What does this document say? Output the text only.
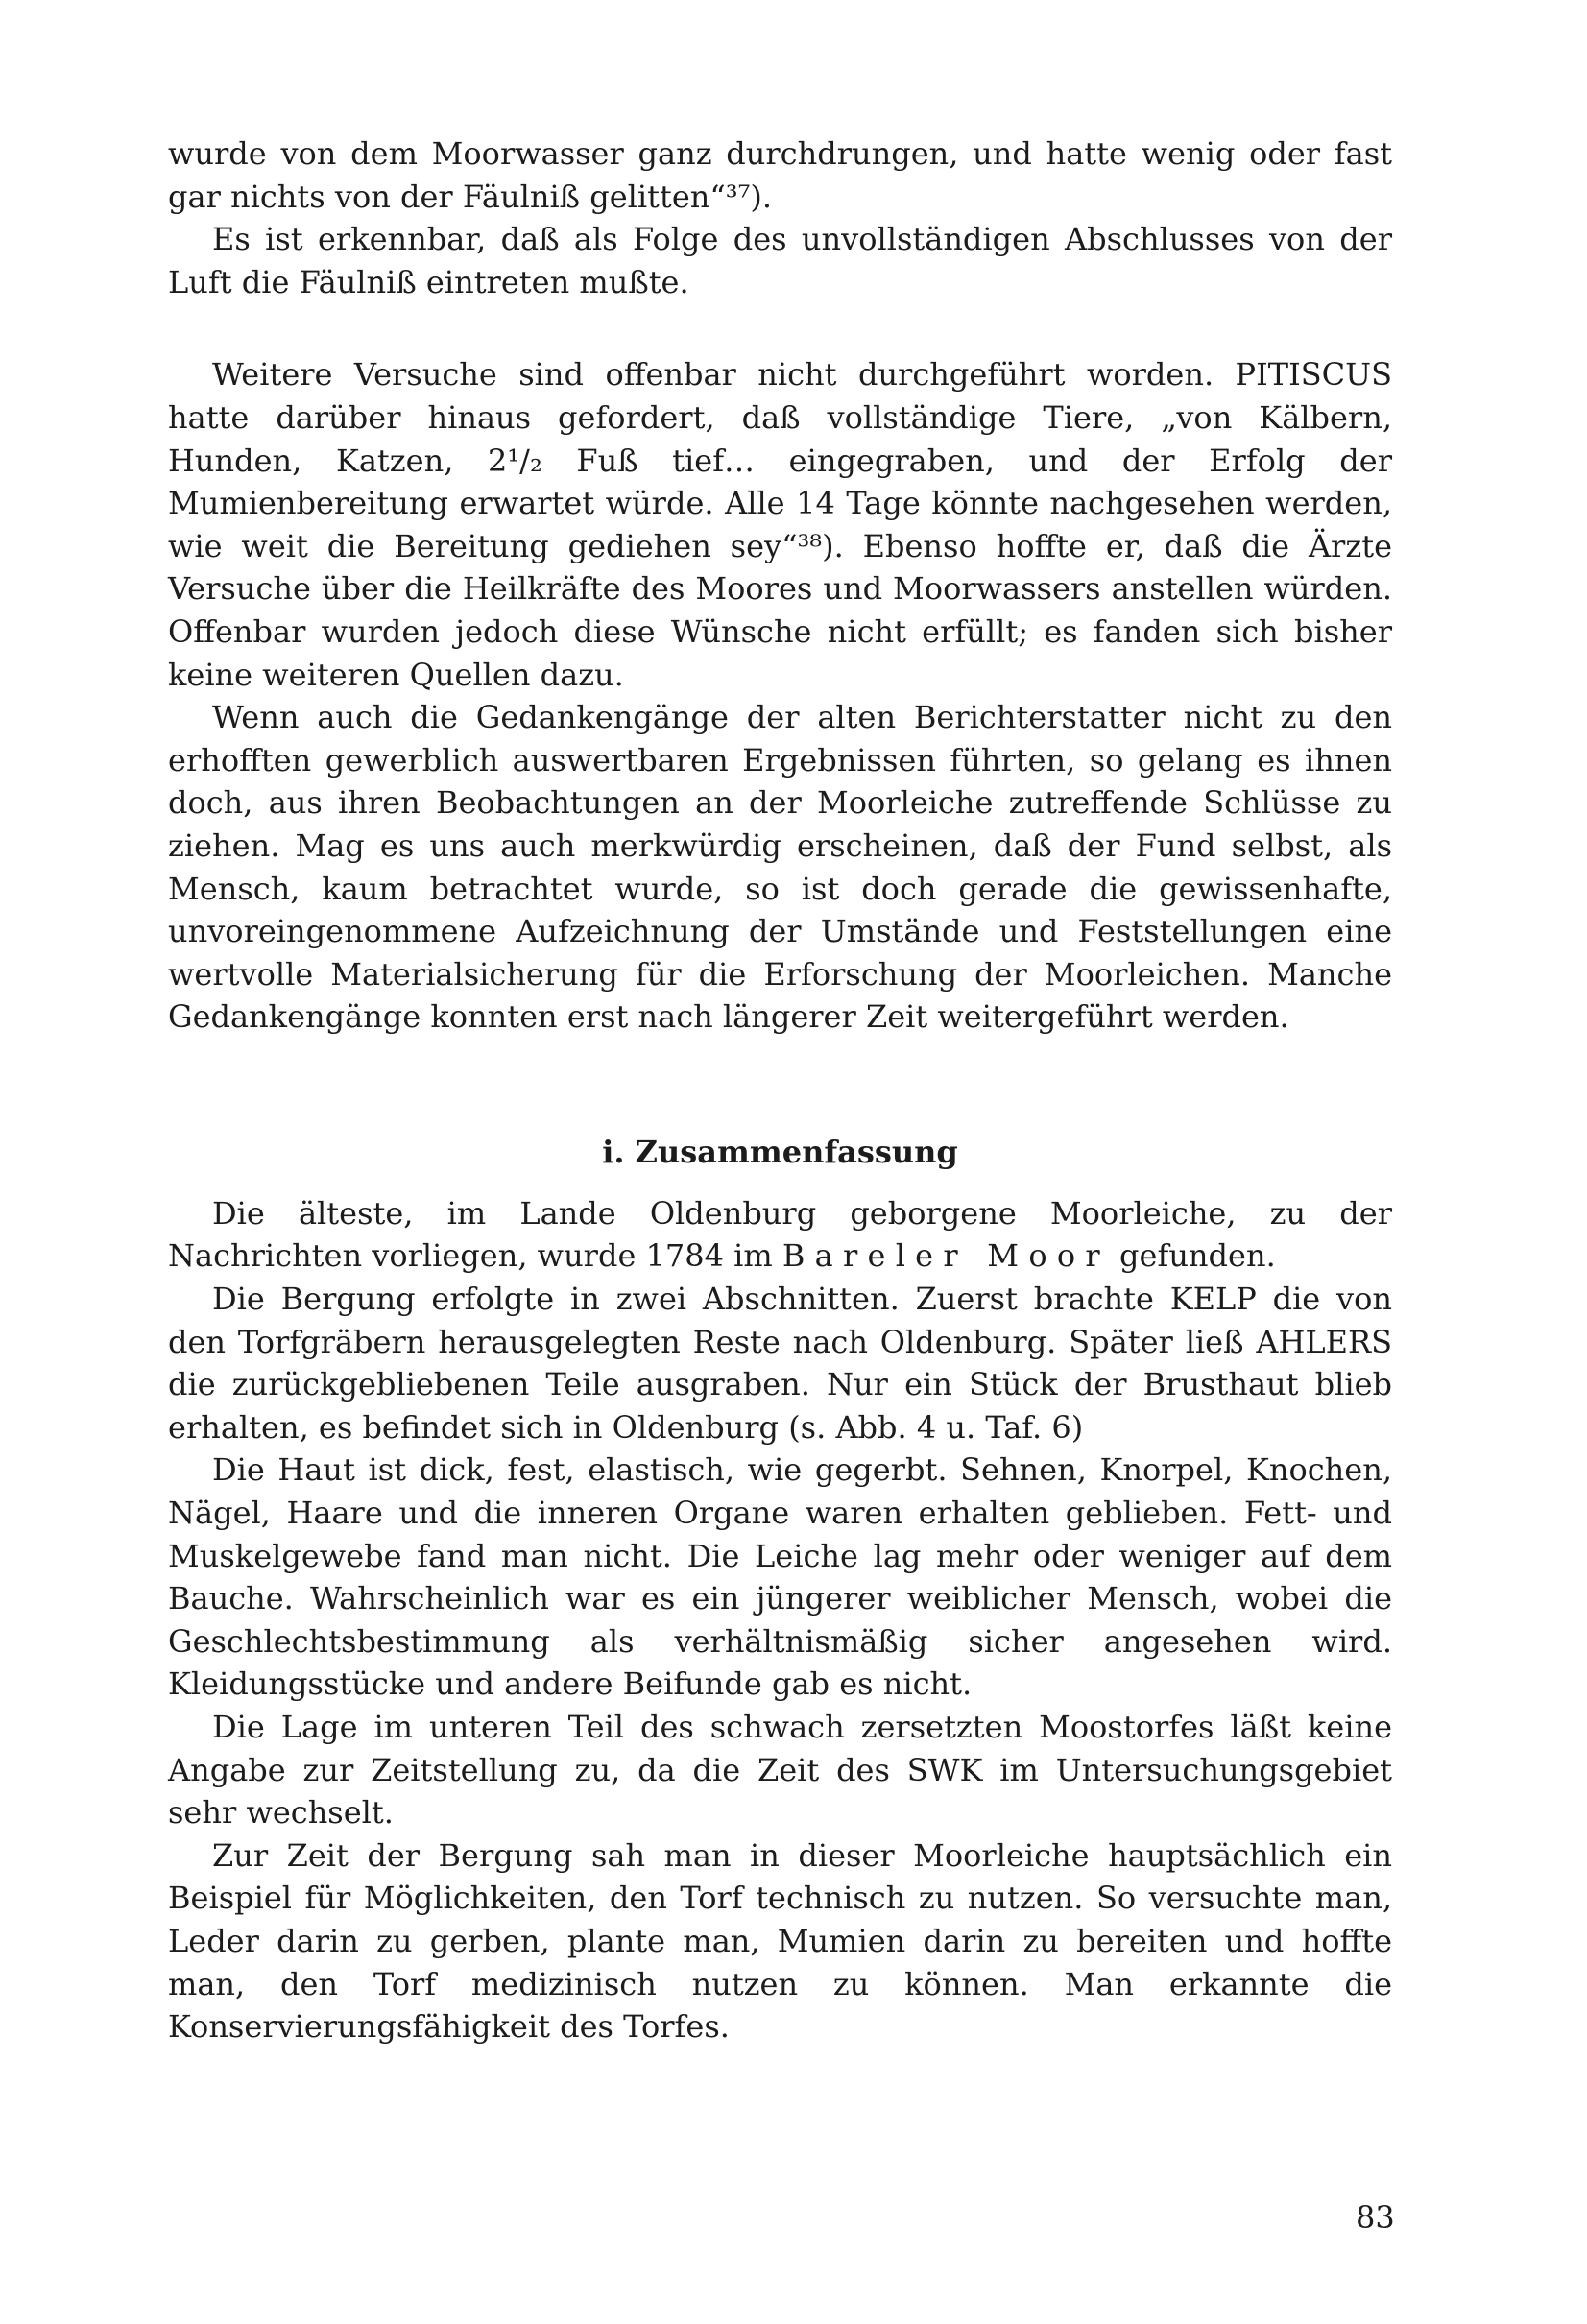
wurde von dem Moorwasser ganz durchdrungen, und hatte wenig oder fast gar nichts von der Fäulniß gelitten“³⁷).

Es ist erkennbar, daß als Folge des unvollständigen Abschlusses von der Luft die Fäulniß eintreten mußte.

Weitere Versuche sind offenbar nicht durchgeführt worden. PITISCUS hatte darüber hinaus gefordert, daß vollständige Tiere, „von Kälbern, Hunden, Katzen, 2¹/₂ Fuß tief… eingegraben, und der Erfolg der Mumienbereitung erwartet würde. Alle 14 Tage könnte nachgesehen werden, wie weit die Bereitung gediehen sey“³⁸). Ebenso hoffte er, daß die Ärzte Versuche über die Heilkräfte des Moores und Moorwassers anstellen würden. Offenbar wurden jedoch diese Wünsche nicht erfüllt; es fanden sich bisher keine weiteren Quellen dazu.

Wenn auch die Gedankengänge der alten Berichterstatter nicht zu den erhofften gewerblich auswertbaren Ergebnissen führten, so gelang es ihnen doch, aus ihren Beobachtungen an der Moorleiche zutreffende Schlüsse zu ziehen. Mag es uns auch merkwürdig erscheinen, daß der Fund selbst, als Mensch, kaum betrachtet wurde, so ist doch gerade die gewissenhafte, unvoreingenommene Aufzeichnung der Umstände und Feststellungen eine wertvolle Materialsicherung für die Erforschung der Moorleichen. Manche Gedankengänge konnten erst nach längerer Zeit weitergeführt werden.

i. Zusammenfassung

Die älteste, im Lande Oldenburg geborgene Moorleiche, zu der Nachrichten vorliegen, wurde 1784 im Bareler Moor gefunden.

Die Bergung erfolgte in zwei Abschnitten. Zuerst brachte KELP die von den Torfgräbern herausgelegten Reste nach Oldenburg. Später ließ AHLERS die zurückgebliebenen Teile ausgraben. Nur ein Stück der Brusthaut blieb erhalten, es befindet sich in Oldenburg (s. Abb. 4 u. Taf. 6)

Die Haut ist dick, fest, elastisch, wie gegerbt. Sehnen, Knorpel, Knochen, Nägel, Haare und die inneren Organe waren erhalten geblieben. Fett- und Muskelgewebe fand man nicht. Die Leiche lag mehr oder weniger auf dem Bauche. Wahrscheinlich war es ein jüngerer weiblicher Mensch, wobei die Geschlechtsbestimmung als verhältnismäßig sicher angesehen wird. Kleidungsstücke und andere Beifunde gab es nicht.

Die Lage im unteren Teil des schwach zersetzten Moostorfes läßt keine Angabe zur Zeitstellung zu, da die Zeit des SWK im Untersuchungsgebiet sehr wechselt.

Zur Zeit der Bergung sah man in dieser Moorleiche hauptsächlich ein Beispiel für Möglichkeiten, den Torf technisch zu nutzen. So versuchte man, Leder darin zu gerben, plante man, Mumien darin zu bereiten und hoffte man, den Torf medizinisch nutzen zu können. Man erkannte die Konservierungsfähigkeit des Torfes.

83
